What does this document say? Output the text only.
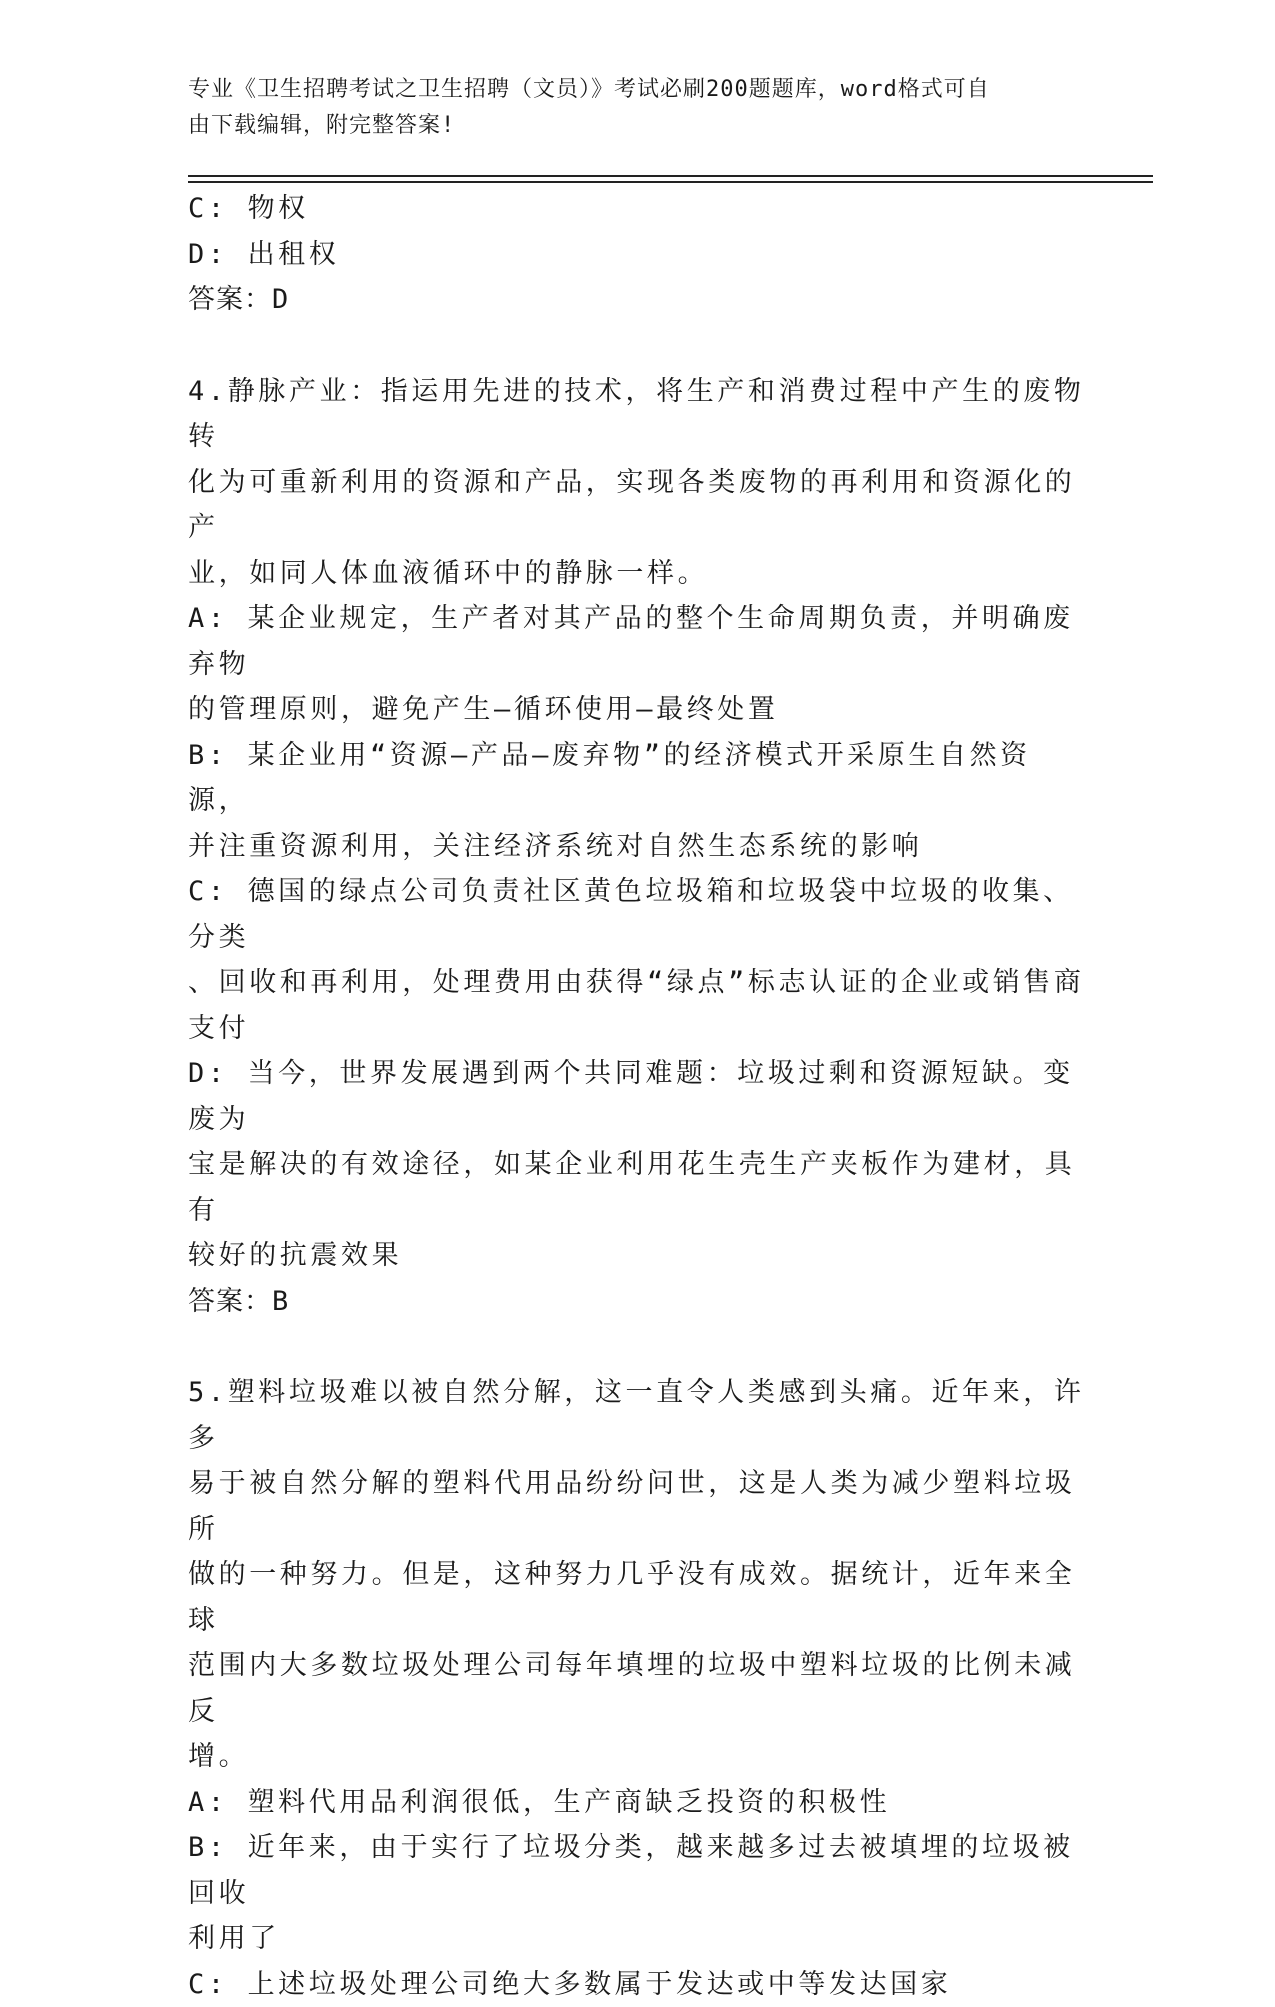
专业《卫生招聘考试之卫生招聘（文员）》考试必刷200题题库，word格式可自
由下载编辑，附完整答案!

C: 物权

D: 出租权

答案：D

4.静脉产业：指运用先进的技术，将生产和消费过程中产生的废物转

化为可重新利用的资源和产品，实现各类废物的再利用和资源化的产

业，如同人体血液循环中的静脉一样。

A: 某企业规定，生产者对其产品的整个生命周期负责，并明确废弃物

的管理原则，避免产生—循环使用—最终处置

B: 某企业用“资源—产品—废弃物”的经济模式开采原生自然资源，

并注重资源利用，关注经济系统对自然生态系统的影响

C: 德国的绿点公司负责社区黄色垃圾箱和垃圾袋中垃圾的收集、分类

、回收和再利用，处理费用由获得“绿点”标志认证的企业或销售商

支付

D: 当今，世界发展遇到两个共同难题：垃圾过剩和资源短缺。变废为

宝是解决的有效途径，如某企业利用花生壳生产夹板作为建材，具有

较好的抗震效果

答案：B

5.塑料垃圾难以被自然分解，这一直令人类感到头痛。近年来，许多

易于被自然分解的塑料代用品纷纷问世，这是人类为减少塑料垃圾所

做的一种努力。但是，这种努力几乎没有成效。据统计，近年来全球

范围内大多数垃圾处理公司每年填埋的垃圾中塑料垃圾的比例未减反

增。

A: 塑料代用品利润很低，生产商缺乏投资的积极性

B: 近年来，由于实行了垃圾分类，越来越多过去被填埋的垃圾被回收

利用了

C: 上述垃圾处理公司绝大多数属于发达或中等发达国家
